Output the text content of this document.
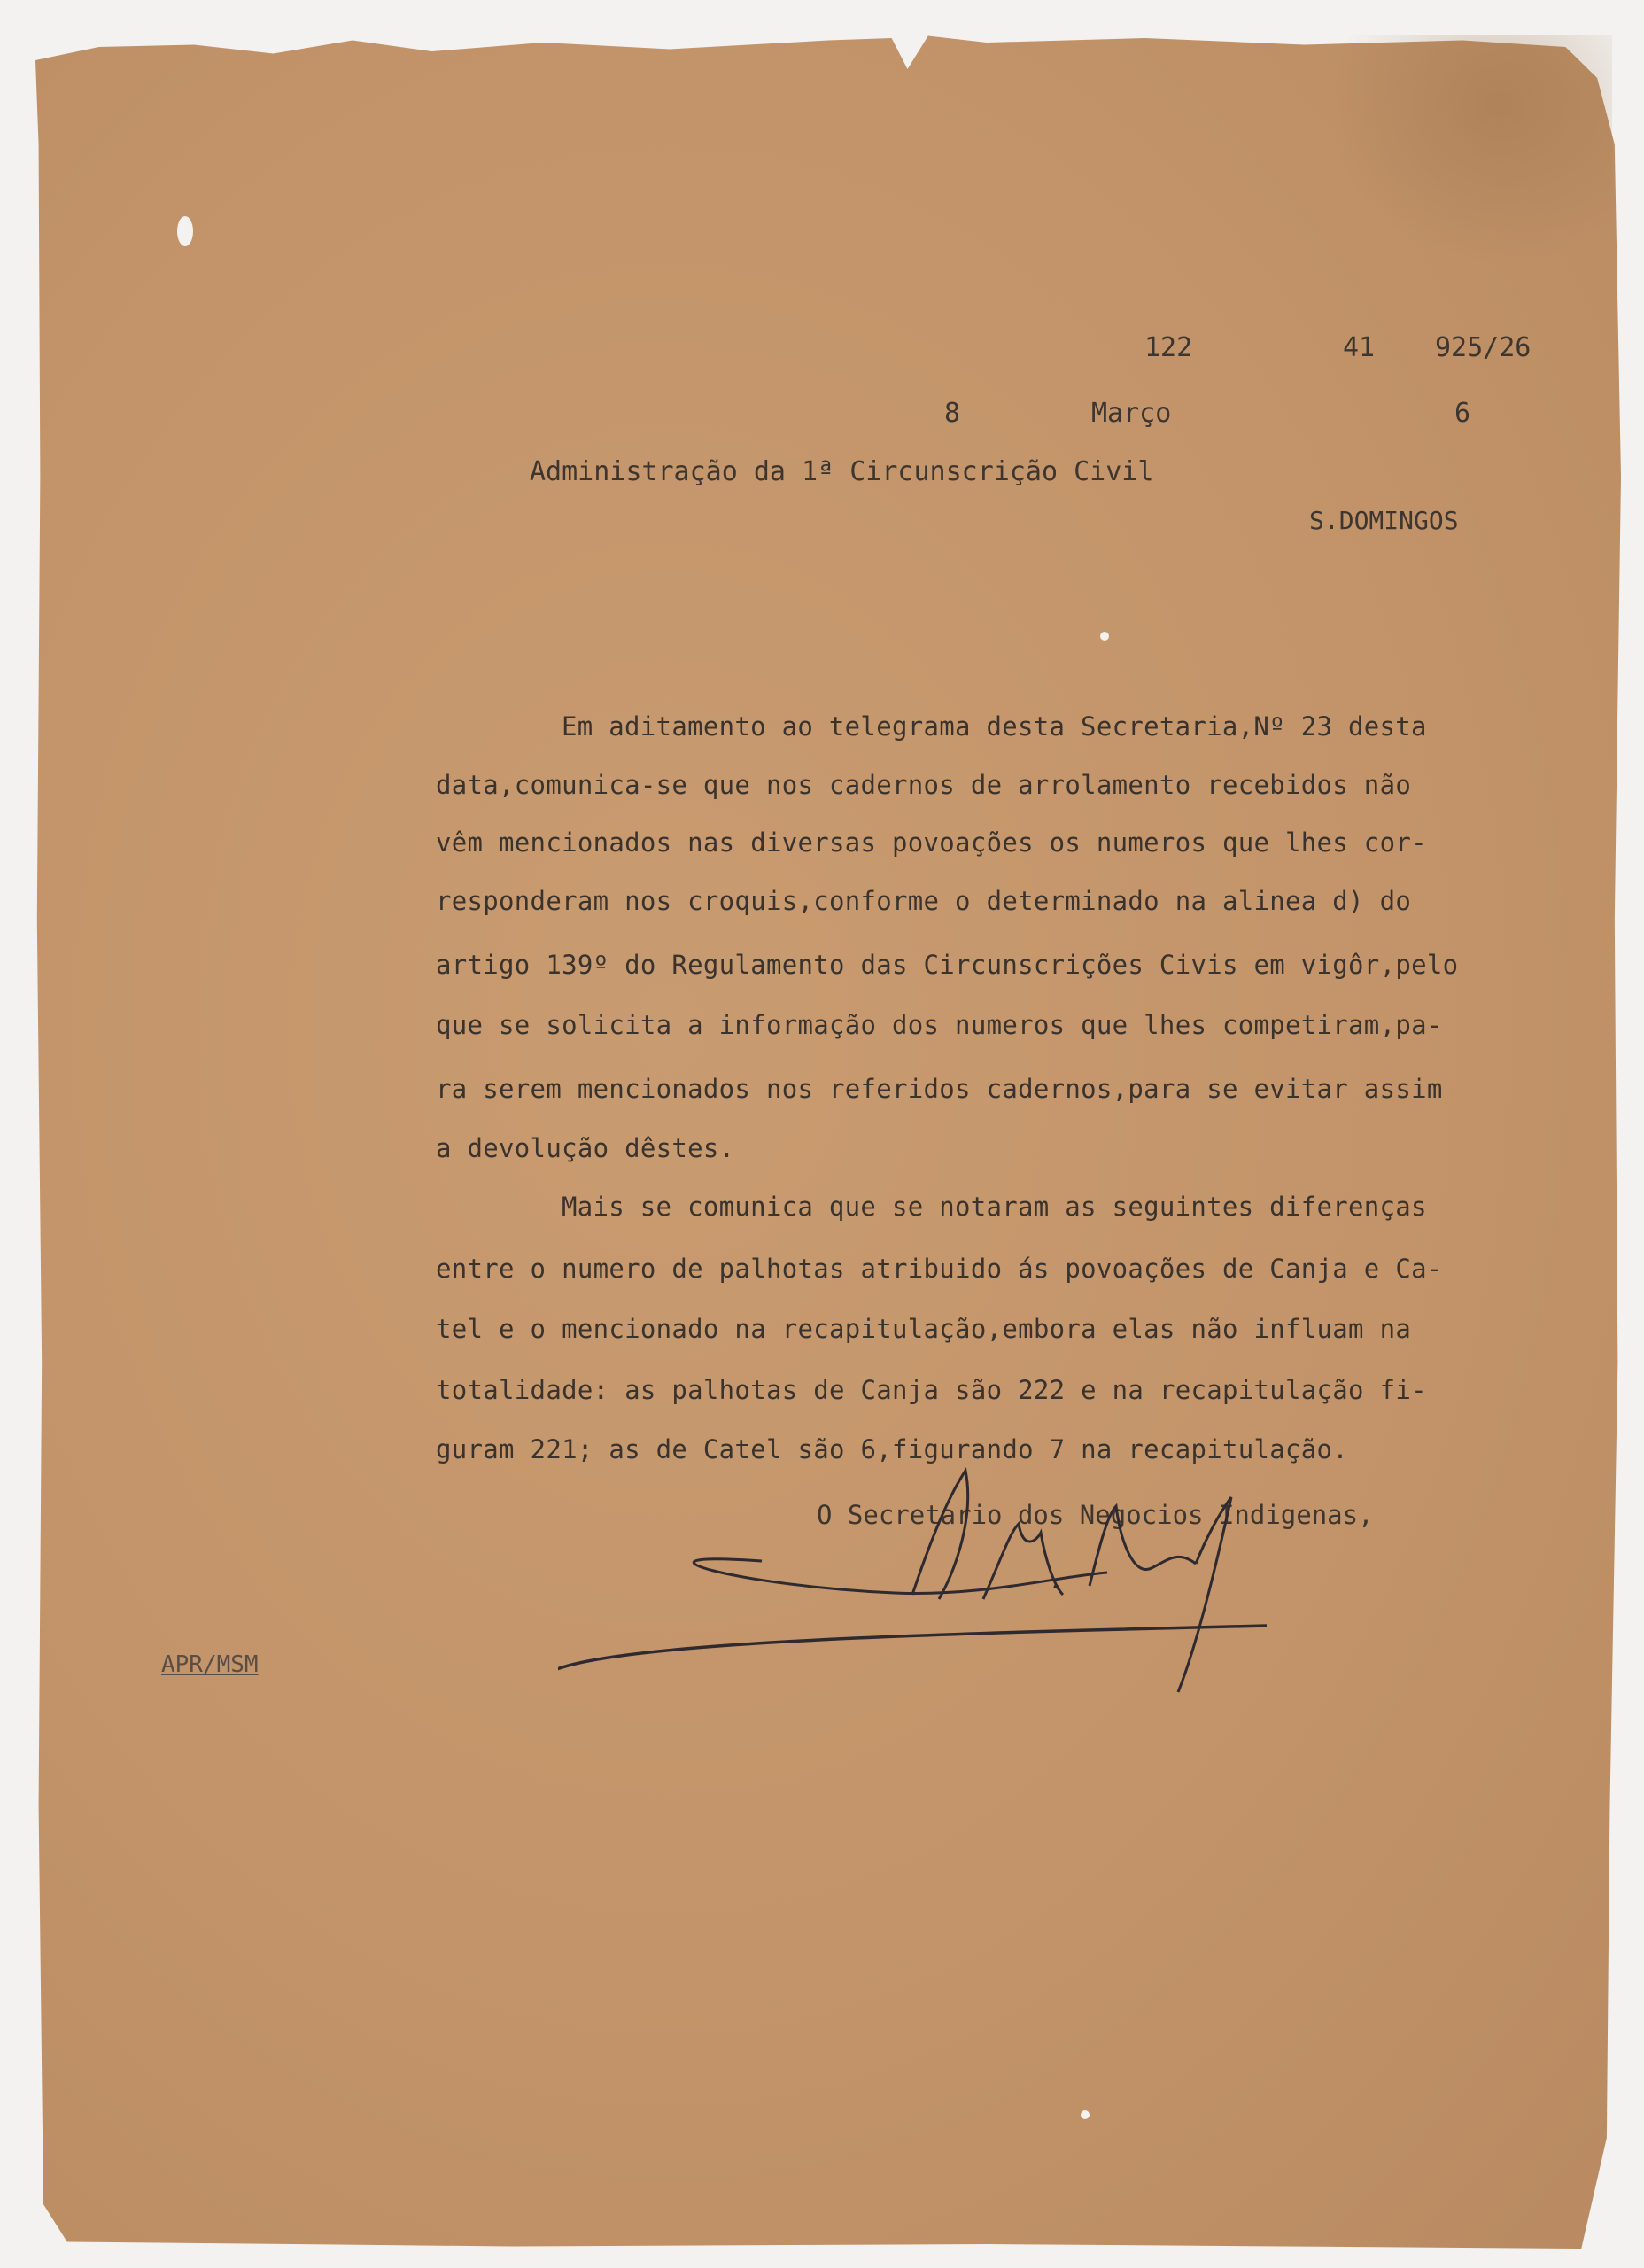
122	41 925/26
8	Março	6
Administração da 1ª Circunscrição Civil
S.DOMINGOS
Em aditamento ao telegrama desta Secretaria,Nº 23 desta
data,comunica-se que nos cadernos de arrolamento recebidos não
vêm mencionados nas diversas povoações os numeros que lhes cor-
responderam nos croquis,conforme o determinado na alinea d) do
artigo 139º do Regulamento das Circunscrições Civis em vigôr,pelo
que se solicita a informação dos numeros que lhes competiram,pa-
ra serem mencionados nos referidos cadernos,para se evitar assim
a devolução dêstes.
Mais se comunica que se notaram as seguintes diferenças
entre o numero de palhotas atribuido ás povoações de Canja e Ca-
tel e o mencionado na recapitulação,embora elas não influam na
totalidade: as palhotas de Canja são 222 e na recapitulação fi-
guram 221; as de Catel são 6,figurando 7 na recapitulação.
O Secretario dos Negocios Indigenas,
APR/MSM
